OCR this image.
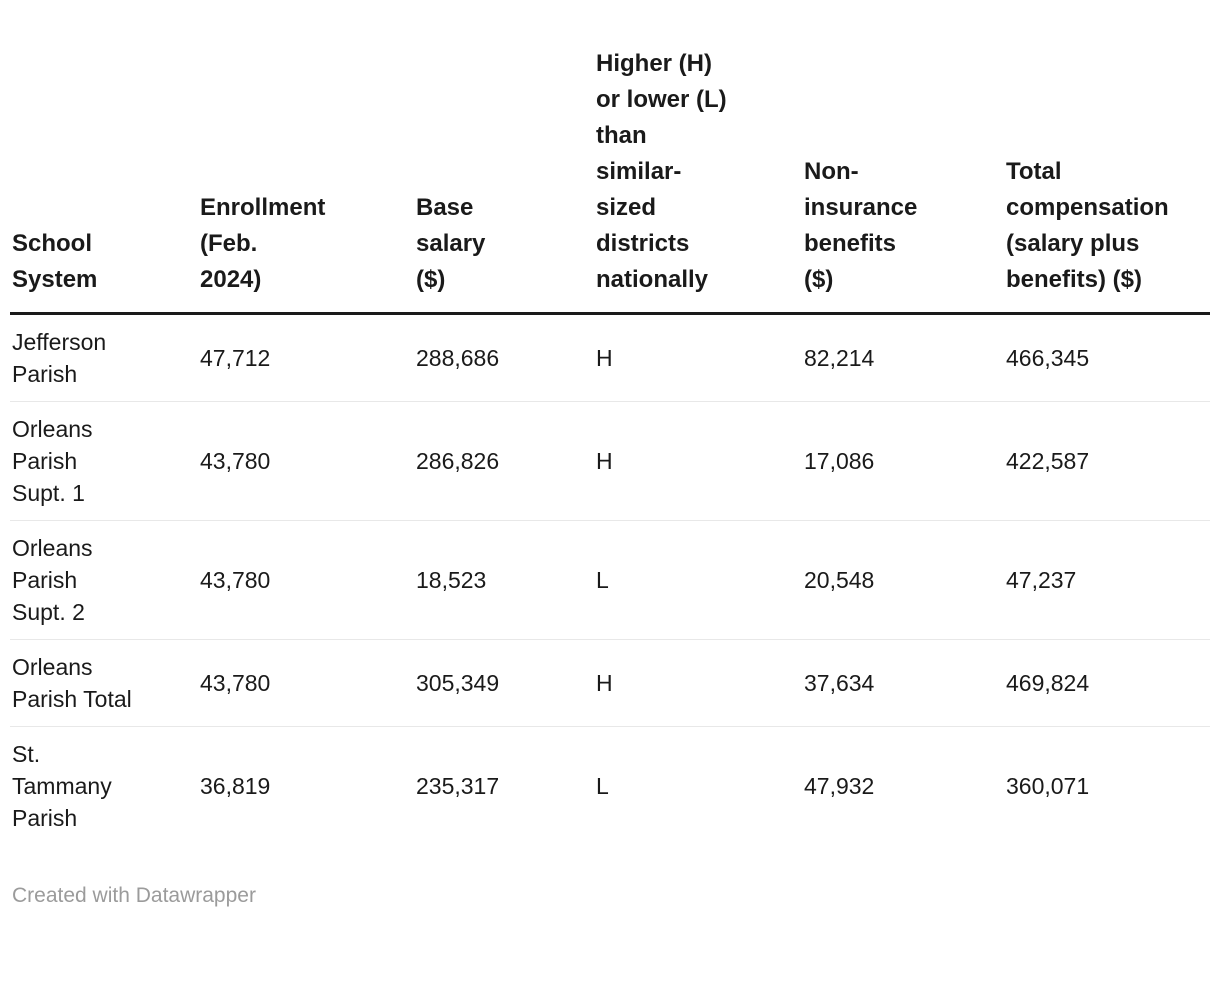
School System	Enrollment (Feb. 2024)	Base salary ($)	Higher (H) or lower (L) than similar-sized districts nationally	Non-insurance benefits ($)	Total compensation (salary plus benefits) ($)
Jefferson Parish	47,712	288,686	H	82,214	466,345
Orleans Parish Supt. 1	43,780	286,826	H	17,086	422,587
Orleans Parish Supt. 2	43,780	18,523	L	20,548	47,237
Orleans Parish Total	43,780	305,349	H	37,634	469,824
St. Tammany Parish	36,819	235,317	L	47,932	360,071
Created with Datawrapper
